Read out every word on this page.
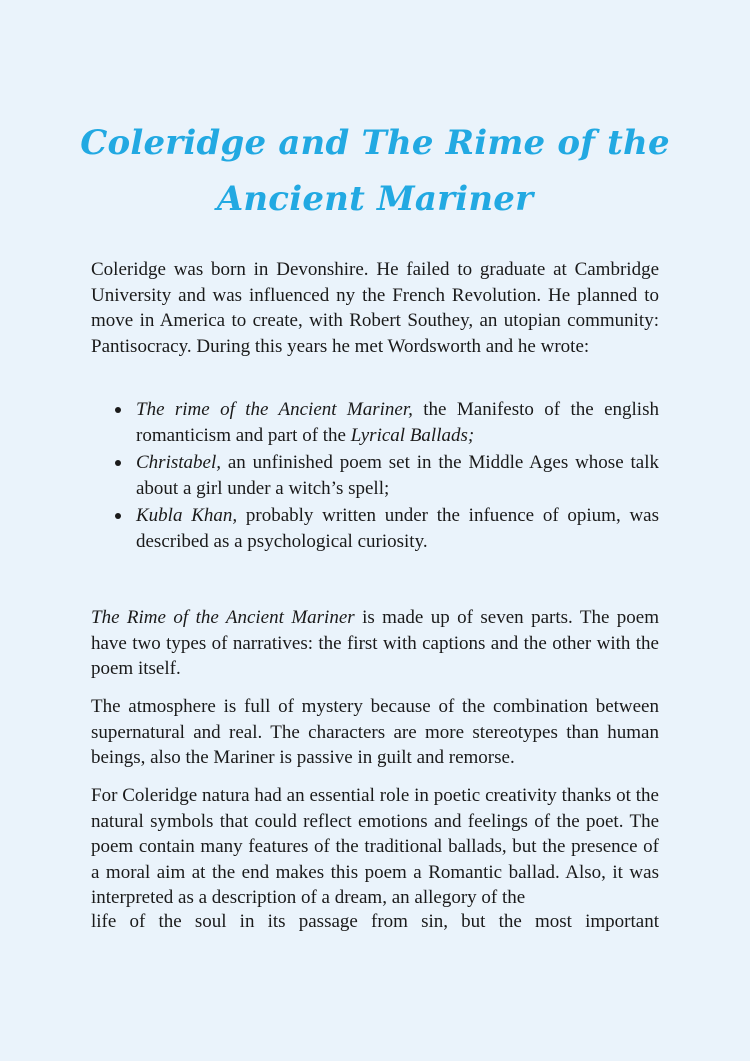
Coleridge and The Rime of the
Ancient Mariner

Coleridge was born in Devonshire. He failed to graduate at Cambridge University and was influenced ny the French Revolution. He planned to move in America to create, with Robert Southey, an utopian community: Pantisocracy. During this years he met Wordsworth and he wrote:

The rime of the Ancient Mariner, the Manifesto of the english romanticism and part of the Lyrical Ballads;
Christabel, an unfinished poem set in the Middle Ages whose talk about a girl under a witch’s spell;
Kubla Khan, probably written under the infuence of opium, was described as a psychological curiosity.

The Rime of the Ancient Mariner is made up of seven parts. The poem have two types of narratives: the first with captions and the other with the poem itself.

The atmosphere is full of mystery because of the combination between supernatural and real. The characters are more stereotypes than human beings, also the Mariner is passive in guilt and remorse.

For Coleridge natura had an essential role in poetic creativity thanks ot the natural symbols that could reflect emotions and feelings of the poet. The poem contain many features of the traditional ballads, but the presence of a moral aim at the end makes this poem a Romantic ballad. Also, it was interpreted as a description of a dream, an allegory of the

life of the soul in its passage from sin, but the most important
